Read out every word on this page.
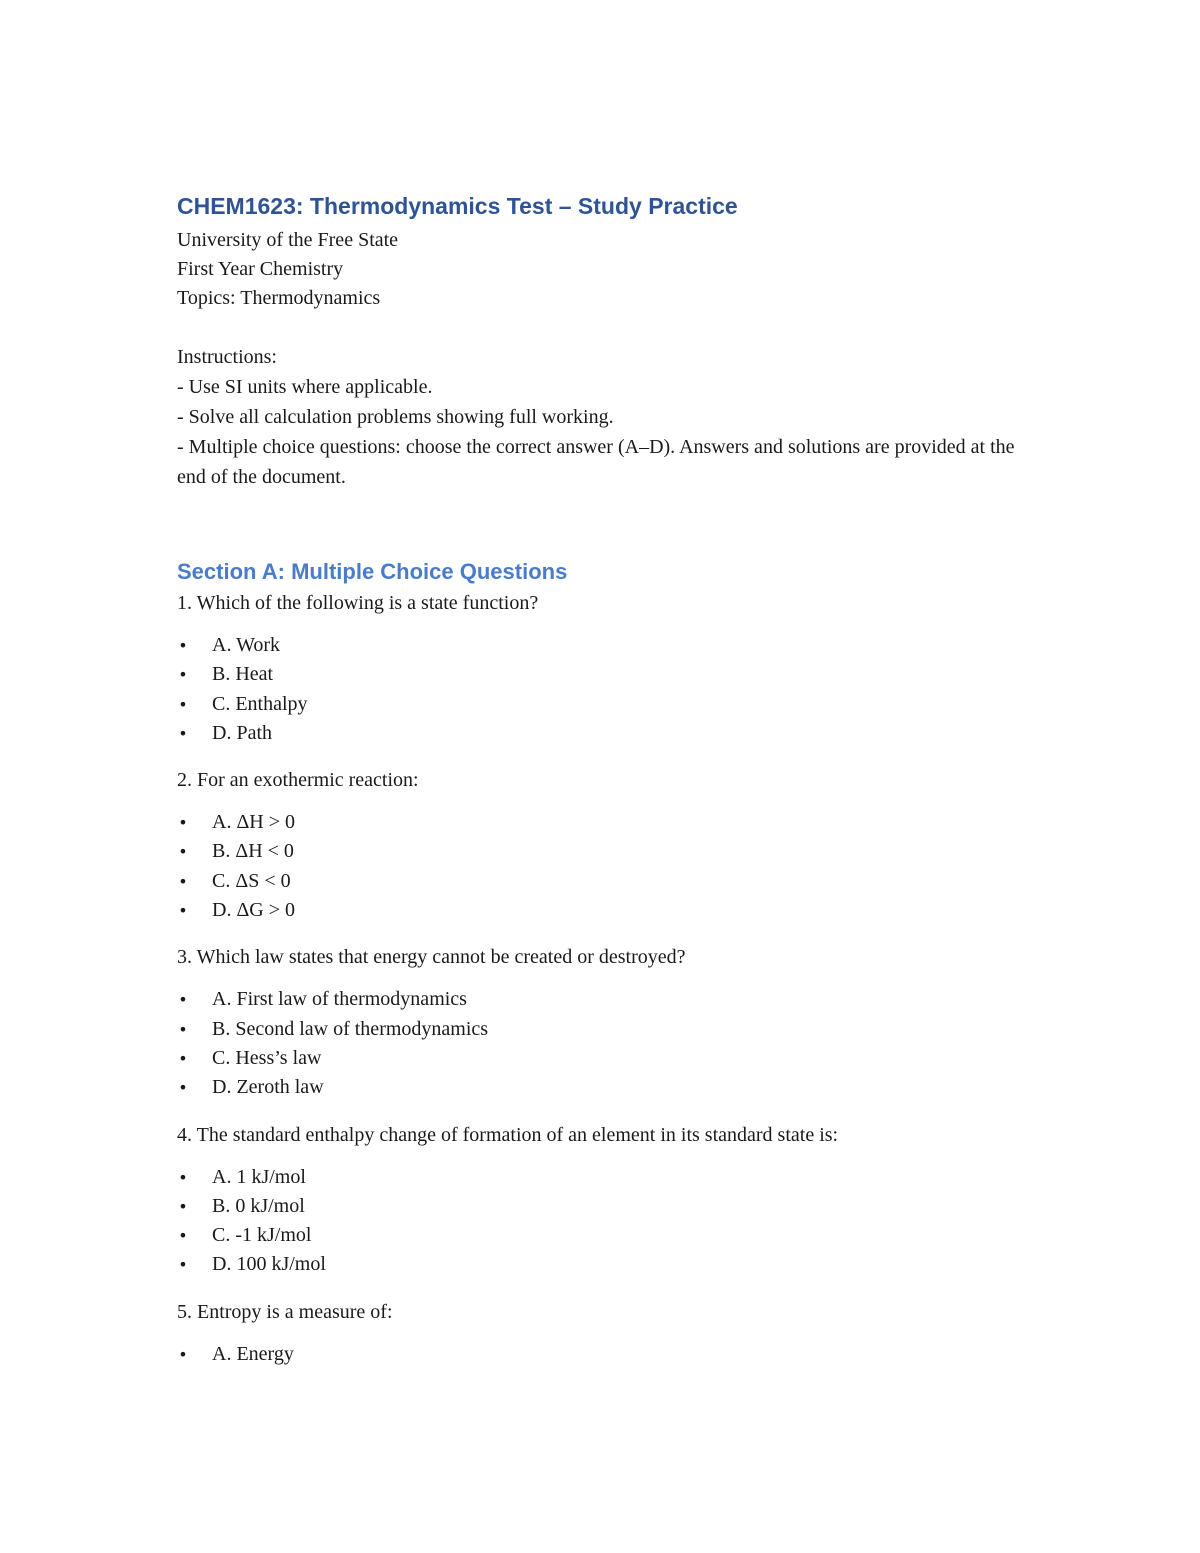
CHEM1623: Thermodynamics Test – Study Practice

University of the Free State

First Year Chemistry

Topics: Thermodynamics

Instructions:

- Use SI units where applicable.

- Solve all calculation problems showing full working.

- Multiple choice questions: choose the correct answer (A–D). Answers and solutions are provided at the end of the document.

Section A: Multiple Choice Questions

1. Which of the following is a state function?

• A. Work
• B. Heat
• C. Enthalpy
• D. Path

2. For an exothermic reaction:

• A. ΔH > 0
• B. ΔH < 0
• C. ΔS < 0
• D. ΔG > 0

3. Which law states that energy cannot be created or destroyed?

• A. First law of thermodynamics
• B. Second law of thermodynamics
• C. Hess’s law
• D. Zeroth law

4. The standard enthalpy change of formation of an element in its standard state is:

• A. 1 kJ/mol
• B. 0 kJ/mol
• C. -1 kJ/mol
• D. 100 kJ/mol

5. Entropy is a measure of:

• A. Energy
